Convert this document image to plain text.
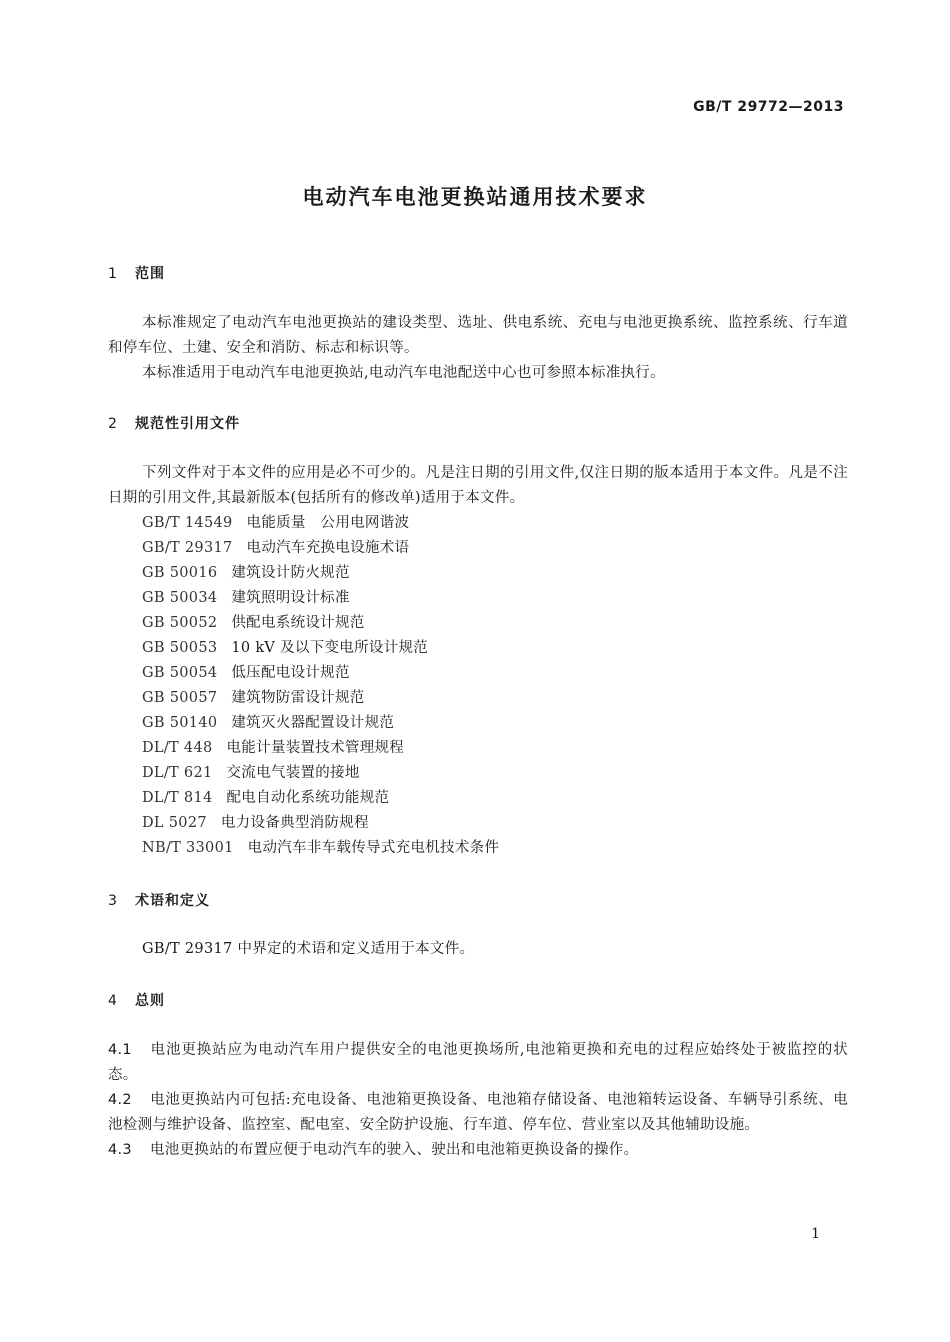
GB/T 29772—2013
电动汽车电池更换站通用技术要求
1 范围
本标准规定了电动汽车电池更换站的建设类型、选址、供电系统、充电与电池更换系统、监控系统、行车道和停车位、土建、安全和消防、标志和标识等。
本标准适用于电动汽车电池更换站,电动汽车电池配送中心也可参照本标准执行。
2 规范性引用文件
下列文件对于本文件的应用是必不可少的。凡是注日期的引用文件,仅注日期的版本适用于本文件。凡是不注日期的引用文件,其最新版本(包括所有的修改单)适用于本文件。
GB/T 14549 电能质量　公用电网谐波
GB/T 29317 电动汽车充换电设施术语
GB 50016 建筑设计防火规范
GB 50034 建筑照明设计标准
GB 50052 供配电系统设计规范
GB 50053 10 kV 及以下变电所设计规范
GB 50054 低压配电设计规范
GB 50057 建筑物防雷设计规范
GB 50140 建筑灭火器配置设计规范
DL/T 448 电能计量装置技术管理规程
DL/T 621 交流电气装置的接地
DL/T 814 配电自动化系统功能规范
DL 5027 电力设备典型消防规程
NB/T 33001 电动汽车非车载传导式充电机技术条件
3 术语和定义
GB/T 29317 中界定的术语和定义适用于本文件。
4 总则
4.1 电池更换站应为电动汽车用户提供安全的电池更换场所,电池箱更换和充电的过程应始终处于被监控的状态。
4.2 电池更换站内可包括:充电设备、电池箱更换设备、电池箱存储设备、电池箱转运设备、车辆导引系统、电池检测与维护设备、监控室、配电室、安全防护设施、行车道、停车位、营业室以及其他辅助设施。
4.3 电池更换站的布置应便于电动汽车的驶入、驶出和电池箱更换设备的操作。
1
